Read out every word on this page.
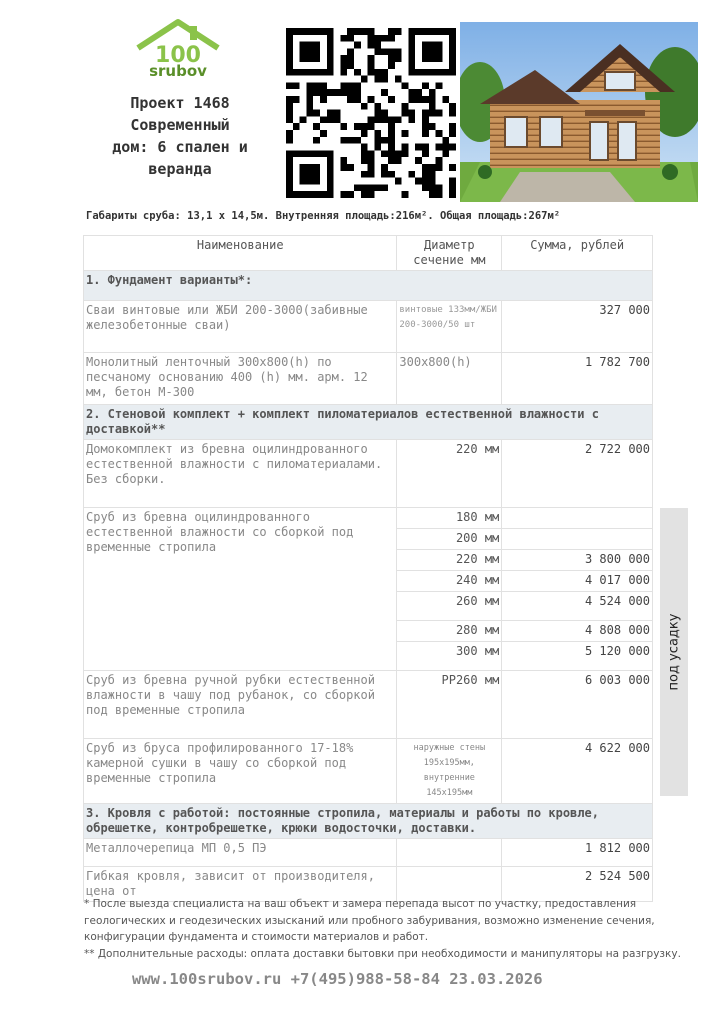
100
srubov
Проект 1468
Современный
дом: 6 спален и
веранда
Габариты сруба: 13,1 x 14,5м. Внутренняя площадь:216м². Общая площадь:267м²
Наименование	Диаметр сечение мм	Сумма, рублей
1. Фундамент варианты*:		
Сваи винтовые или ЖБИ 200-3000(забивные железобетонные сваи)	винтовые 133мм/ЖБИ 200-3000/50 шт	327 000
Монолитный ленточный 300x800(h) по песчаному основанию 400 (h) мм. арм. 12 мм, бетон М-300	300x800(h)	1 782 700
2. Стеновой комплект + комплект пиломатериалов естественной влажности с доставкой**		
Домокомплект из бревна оцилиндрованного естественной влажности с пиломатериалами. Без сборки.	220 мм	2 722 000
Сруб из бревна оцилиндрованного естественной влажности со сборкой под временные стропила	180 мм	
	200 мм	
	220 мм	3 800 000
	240 мм	4 017 000
	260 мм	4 524 000
	280 мм	4 808 000
	300 мм	5 120 000
Сруб из бревна ручной рубки естественной влажности в чашу под рубанок, со сборкой под временные стропила	РР260 мм	6 003 000
Сруб из бруса профилированного 17-18% камерной сушки в чашу со сборкой под временные стропила	наружные стены 195x195мм, внутренние 145x195мм	4 622 000
3. Кровля с работой: постоянные стропила, материалы и работы по кровле, обрешетке, контробрешетке, крюки водосточки, доставки.		
Металлочерепица МП 0,5 ПЭ		1 812 000
Гибкая кровля, зависит от производителя, цена от		2 524 500
под усадку
* После выезда специалиста на ваш объект и замера перепада высот по участку, предоставления геологических и геодезических изысканий или пробного забуривания, возможно изменение сечения, конфигурации фундамента и стоимости материалов и работ.
** Дополнительные расходы: оплата доставки бытовки при необходимости и манипуляторы на разгрузку.
www.100srubov.ru +7(495)988-58-84 23.03.2026
